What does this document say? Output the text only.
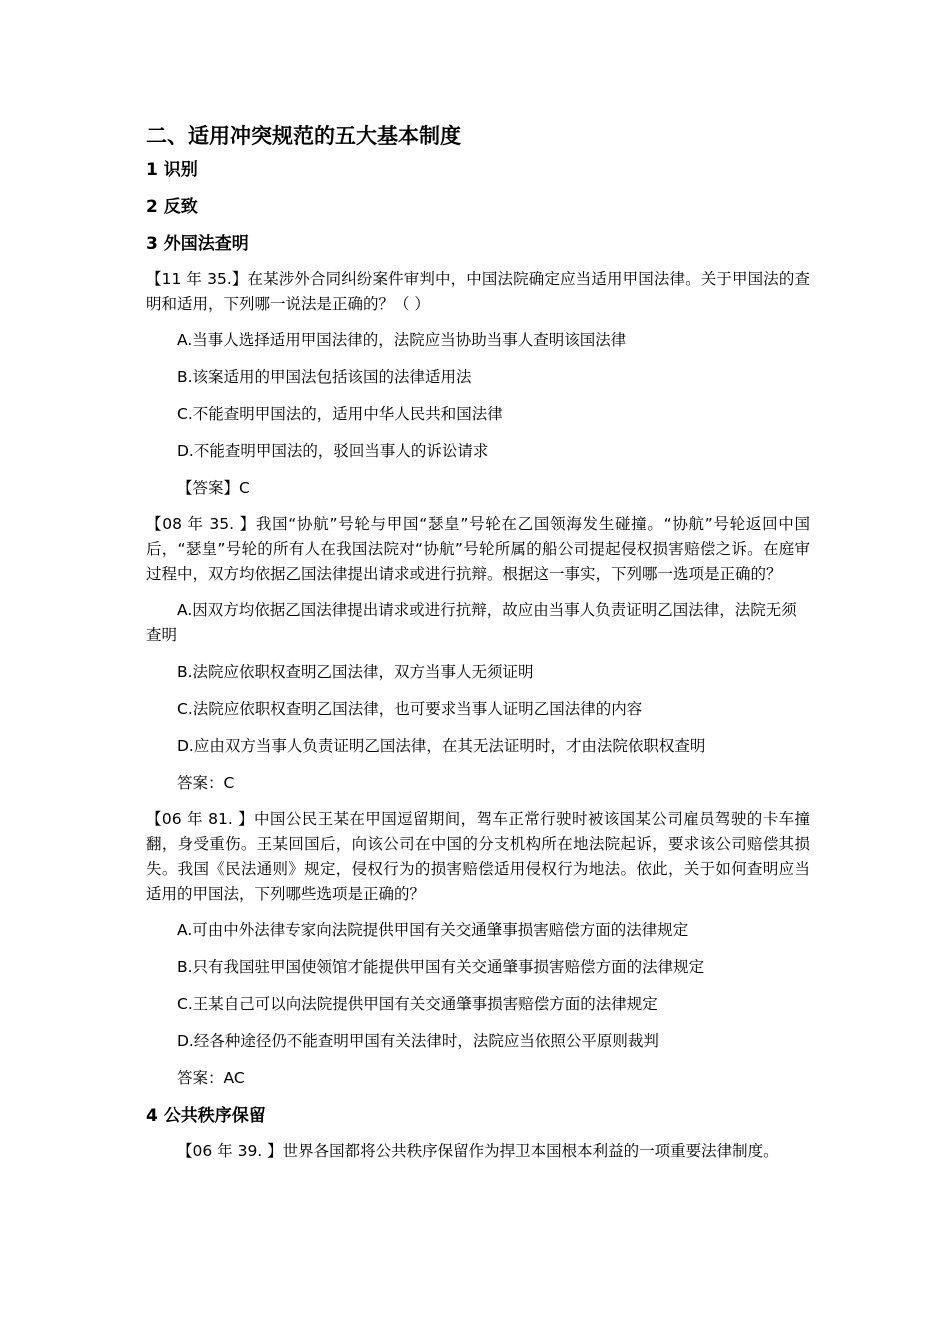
二、适用冲突规范的五大基本制度
1 识别
2 反致
3 外国法查明
【11 年 35.】在某涉外合同纠纷案件审判中，中国法院确定应当适用甲国法律。关于甲国法的查明和适用，下列哪一说法是正确的？（ ）
A.当事人选择适用甲国法律的，法院应当协助当事人查明该国法律
B.该案适用的甲国法包括该国的法律适用法
C.不能查明甲国法的，适用中华人民共和国法律
D.不能查明甲国法的，驳回当事人的诉讼请求
【答案】C
【08 年 35. 】我国“协航”号轮与甲国“瑟皇”号轮在乙国领海发生碰撞。“协航”号轮返回中国后，“瑟皇”号轮的所有人在我国法院对“协航”号轮所属的船公司提起侵权损害赔偿之诉。在庭审过程中，双方均依据乙国法律提出请求或进行抗辩。根据这一事实，下列哪一选项是正确的？
A.因双方均依据乙国法律提出请求或进行抗辩，故应由当事人负责证明乙国法律，法院无须查明
B.法院应依职权查明乙国法律，双方当事人无须证明
C.法院应依职权查明乙国法律，也可要求当事人证明乙国法律的内容
D.应由双方当事人负责证明乙国法律，在其无法证明时，才由法院依职权查明
答案：C
【06 年 81. 】中国公民王某在甲国逗留期间，驾车正常行驶时被该国某公司雇员驾驶的卡车撞翻，身受重伤。王某回国后，向该公司在中国的分支机构所在地法院起诉，要求该公司赔偿其损失。我国《民法通则》规定，侵权行为的损害赔偿适用侵权行为地法。依此，关于如何查明应当适用的甲国法，下列哪些选项是正确的？
A.可由中外法律专家向法院提供甲国有关交通肇事损害赔偿方面的法律规定
B.只有我国驻甲国使领馆才能提供甲国有关交通肇事损害赔偿方面的法律规定
C.王某自己可以向法院提供甲国有关交通肇事损害赔偿方面的法律规定
D.经各种途径仍不能查明甲国有关法律时，法院应当依照公平原则裁判
答案：AC
4 公共秩序保留
【06 年 39. 】世界各国都将公共秩序保留作为捍卫本国根本利益的一项重要法律制度。
